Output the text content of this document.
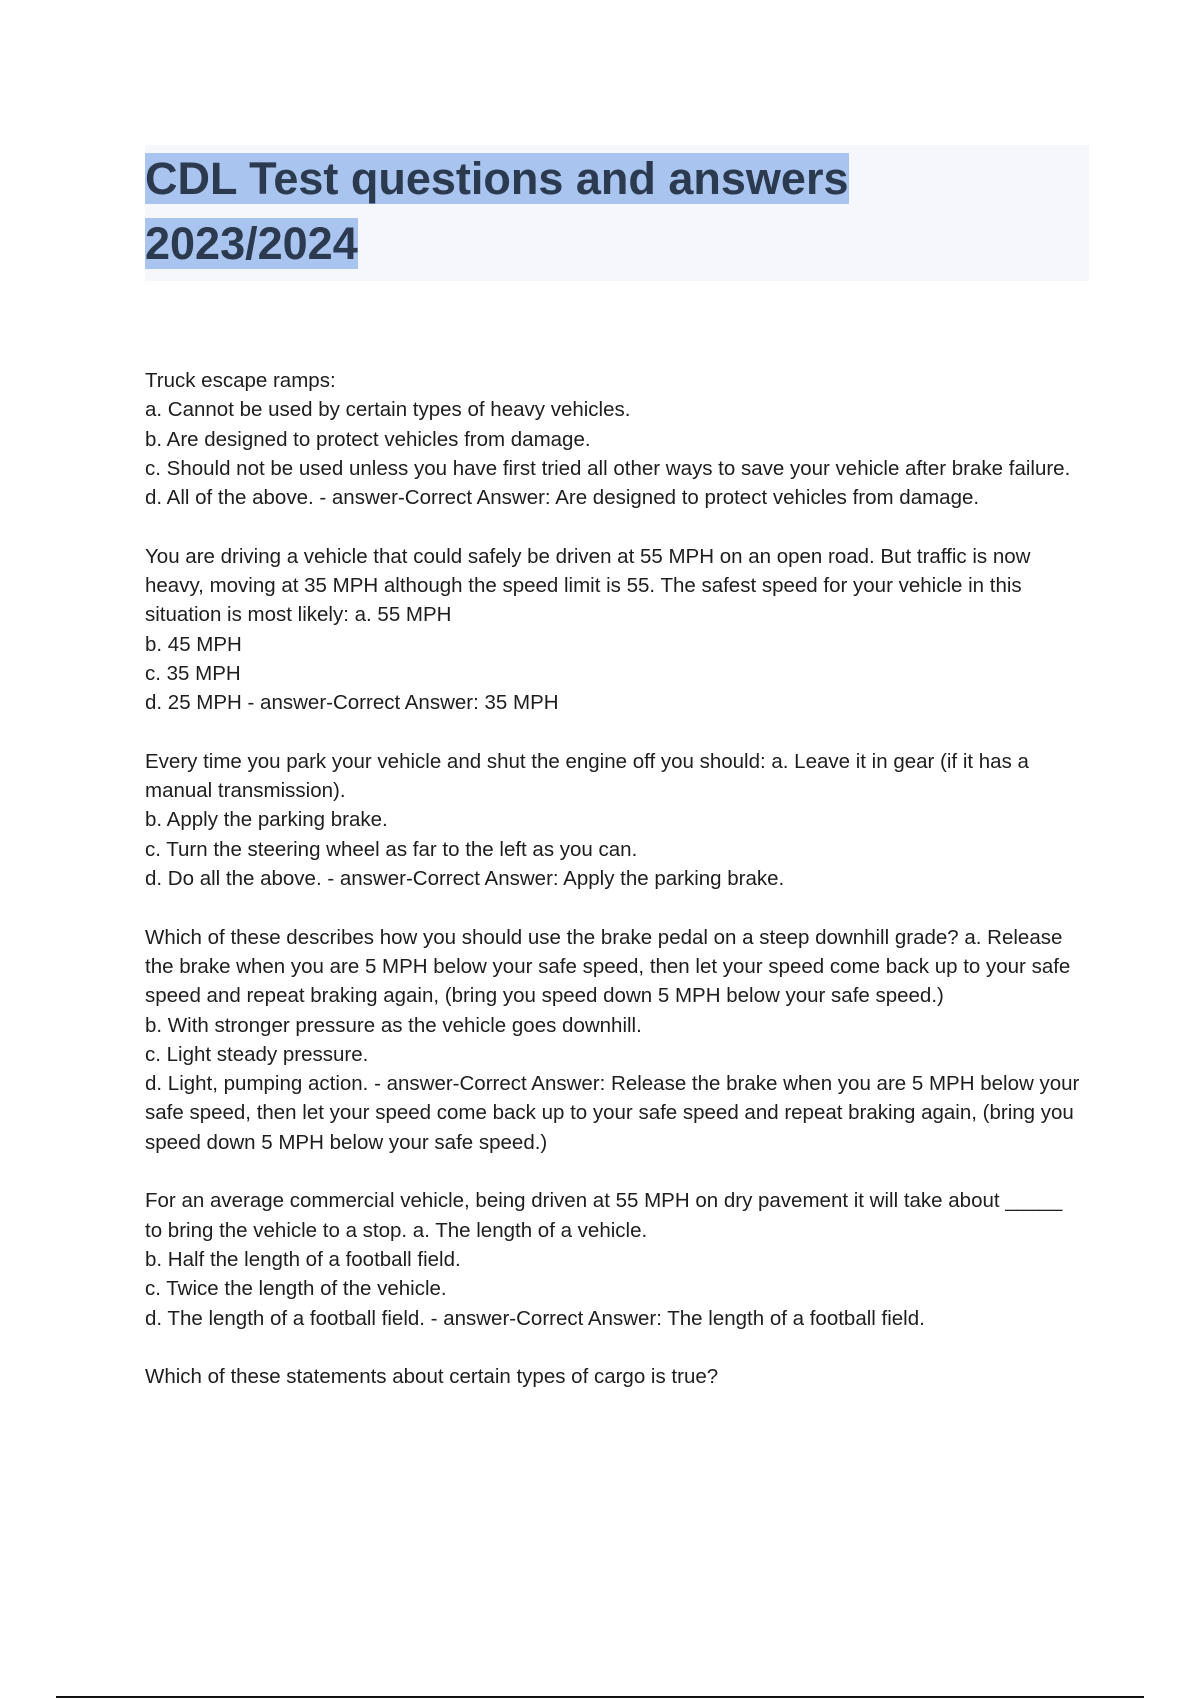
CDL Test questions and answers
2023/2024
Truck escape ramps:
a. Cannot be used by certain types of heavy vehicles.
b. Are designed to protect vehicles from damage.
c. Should not be used unless you have first tried all other ways to save your vehicle after brake failure.
d. All of the above. - answer-Correct Answer: Are designed to protect vehicles from damage.
You are driving a vehicle that could safely be driven at 55 MPH on an open road. But traffic is now heavy, moving at 35 MPH although the speed limit is 55. The safest speed for your vehicle in this situation is most likely: a. 55 MPH
b. 45 MPH
c. 35 MPH
d. 25 MPH - answer-Correct Answer: 35 MPH
Every time you park your vehicle and shut the engine off you should: a. Leave it in gear (if it has a manual transmission).
b. Apply the parking brake.
c. Turn the steering wheel as far to the left as you can.
d. Do all the above. - answer-Correct Answer: Apply the parking brake.
Which of these describes how you should use the brake pedal on a steep downhill grade? a. Release the brake when you are 5 MPH below your safe speed, then let your speed come back up to your safe speed and repeat braking again, (bring you speed down 5 MPH below your safe speed.)
b. With stronger pressure as the vehicle goes downhill.
c. Light steady pressure.
d. Light, pumping action. - answer-Correct Answer: Release the brake when you are 5 MPH below your safe speed, then let your speed come back up to your safe speed and repeat braking again, (bring you speed down 5 MPH below your safe speed.)
For an average commercial vehicle, being driven at 55 MPH on dry pavement it will take about _____ to bring the vehicle to a stop. a. The length of a vehicle.
b. Half the length of a football field.
c. Twice the length of the vehicle.
d. The length of a football field. - answer-Correct Answer: The length of a football field.
Which of these statements about certain types of cargo is true?
